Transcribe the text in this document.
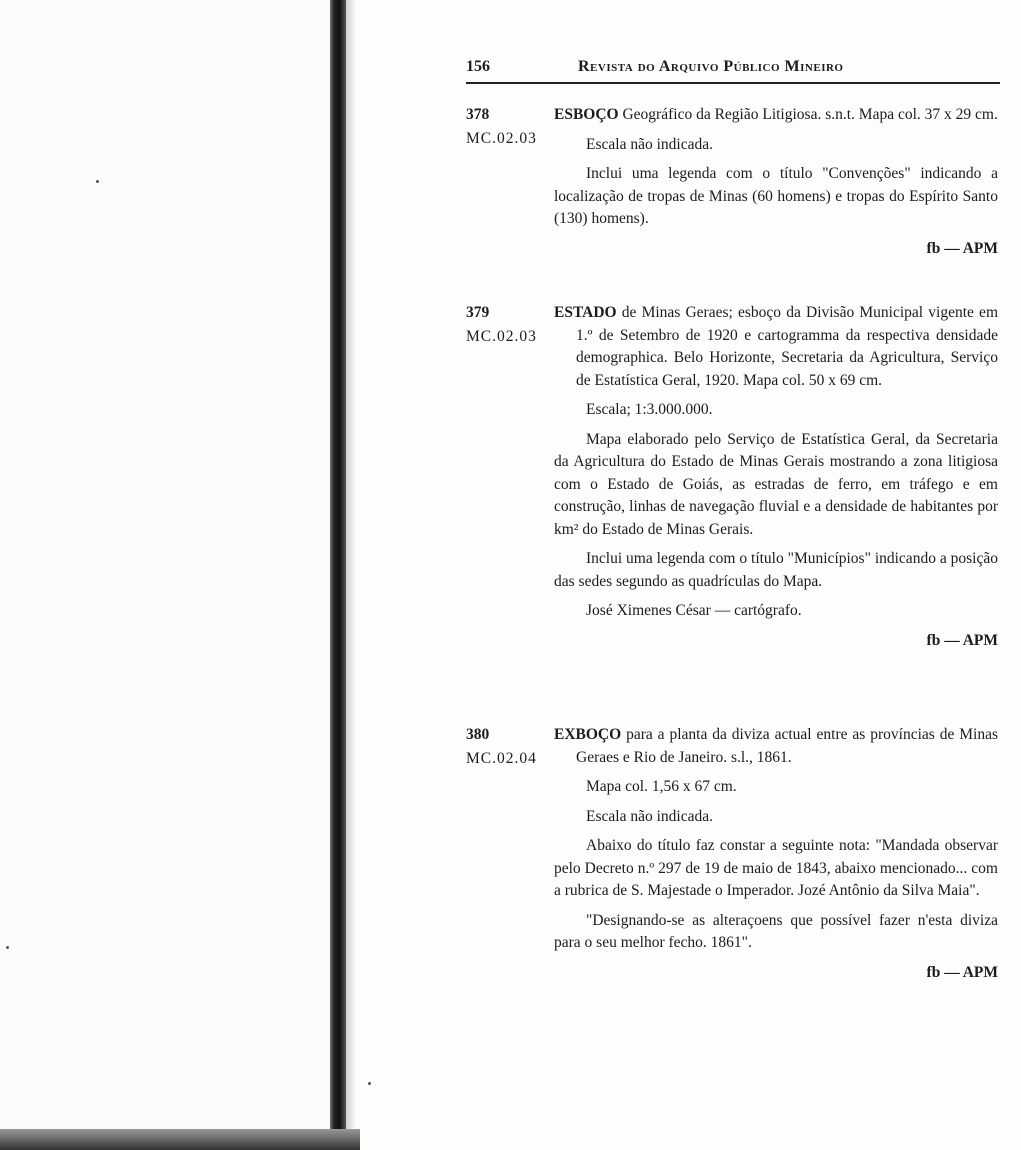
156	Revista do Arquivo Público Mineiro
378
MC.02.03

ESBOÇO Geográfico da Região Litigiosa. s.n.t. Mapa col. 37 x 29 cm.

Escala não indicada.

Inclui uma legenda com o título "Convenções" indicando a localização de tropas de Minas (60 homens) e tropas do Espírito Santo (130) homens).

fb — APM

379
MC.02.03

ESTADO de Minas Geraes; esboço da Divisão Municipal vigente em 1.º de Setembro de 1920 e cartogramma da respectiva densidade demographica. Belo Horizonte, Secretaria da Agricultura, Serviço de Estatística Geral, 1920. Mapa col. 50 x 69 cm.

Escala; 1:3.000.000.

Mapa elaborado pelo Serviço de Estatística Geral, da Secretaria da Agricultura do Estado de Minas Gerais mostrando a zona litigiosa com o Estado de Goiás, as estradas de ferro, em tráfego e em construção, linhas de navegação fluvial e a densidade de habitantes por km² do Estado de Minas Gerais.

Inclui uma legenda com o título "Municípios" indicando a posição das sedes segundo as quadrículas do Mapa.

José Ximenes César — cartógrafo.

fb — APM

380
MC.02.04

EXBOÇO para a planta da diviza actual entre as províncias de Minas Geraes e Rio de Janeiro. s.l., 1861.

Mapa col. 1,56 x 67 cm.

Escala não indicada.

Abaixo do título faz constar a seguinte nota: "Mandada observar pelo Decreto n.º 297 de 19 de maio de 1843, abaixo mencionado... com a rubrica de S. Majestade o Imperador. Jozé Antônio da Silva Maia".

"Designando-se as alteraçoens que possível fazer n'esta diviza para o seu melhor fecho. 1861".

fb — APM
